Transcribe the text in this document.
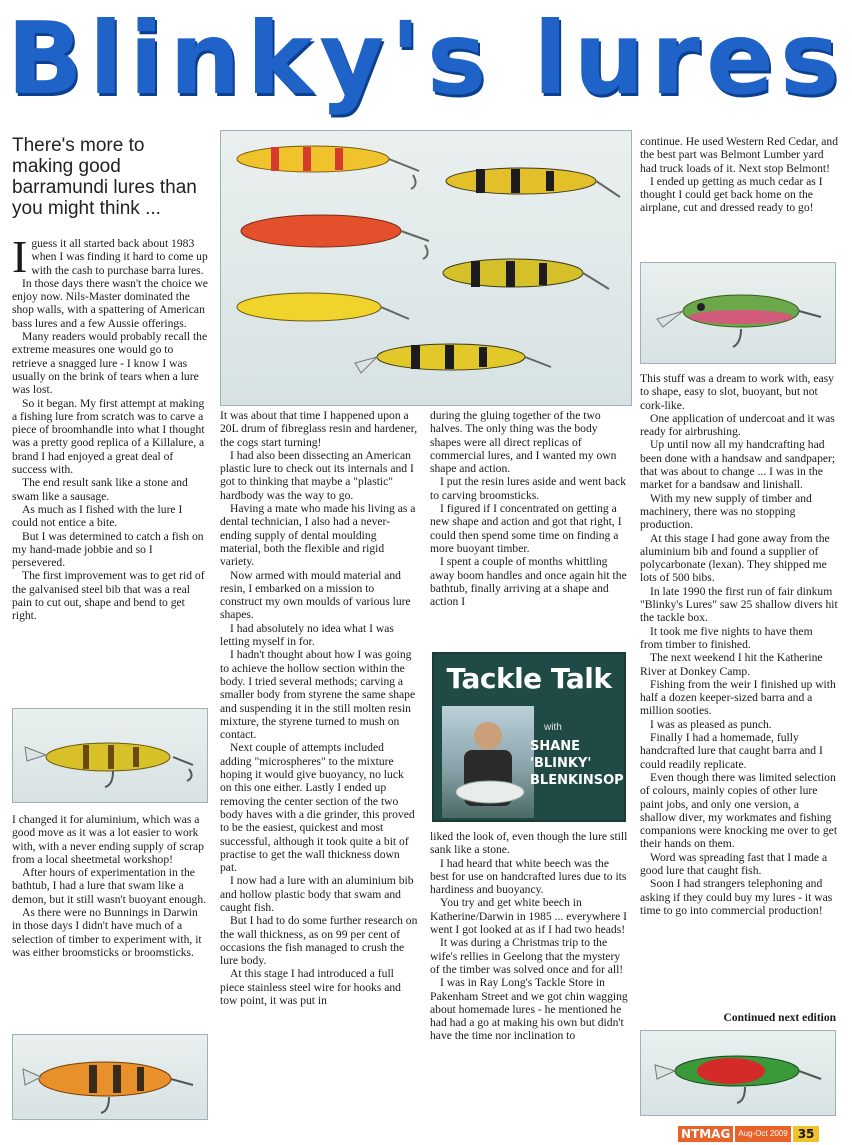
Blinky's lures
There's more to making good barramundi lures than you might think ...
I guess it all started back about 1983 when I was finding it hard to come up with the cash to purchase barra lures.

In those days there wasn't the choice we enjoy now. Nils-Master dominated the shop walls, with a spattering of American bass lures and a few Aussie offerings.

Many readers would probably recall the extreme measures one would go to retrieve a snagged lure - I know I was usually on the brink of tears when a lure was lost.

So it began. My first attempt at making a fishing lure from scratch was to carve a piece of broomhandle into what I thought was a pretty good replica of a Killalure, a brand I had enjoyed a great deal of success with.

The end result sank like a stone and swam like a sausage.

As much as I fished with the lure I could not entice a bite.

But I was determined to catch a fish on my hand-made jobbie and so I persevered.

The first improvement was to get rid of the galvanised steel bib that was a real pain to cut out, shape and bend to get right.

I changed it for aluminium, which was a good move as it was a lot easier to work with, with a never ending supply of scrap from a local sheetmetal workshop!

After hours of experimentation in the bathtub, I had a lure that swam like a demon, but it still wasn't buoyant enough.

As there were no Bunnings in Darwin in those days I didn't have much of a selection of timber to experiment with, it was either broomsticks or broomsticks.

It was about that time I happened upon a 20L drum of fibreglass resin and hardener, the cogs start turning!

I had also been dissecting an American plastic lure to check out its internals and I got to thinking that maybe a "plastic" hardbody was the way to go.

Having a mate who made his living as a dental technician, I also had a never-ending supply of dental moulding material, both the flexible and rigid variety.

Now armed with mould material and resin, I embarked on a mission to construct my own moulds of various lure shapes.

I had absolutely no idea what I was letting myself in for.

I hadn't thought about how I was going to achieve the hollow section within the body. I tried several methods; carving a smaller body from styrene the same shape and suspending it in the still molten resin mixture, the styrene turned to mush on contact.

Next couple of attempts included adding "microspheres" to the mixture hoping it would give buoyancy, no luck on this one either. Lastly I ended up removing the center section of the two body haves with a die grinder, this proved to be the easiest, quickest and most successful, although it took quite a bit of practise to get the wall thickness down pat.

I now had a lure with an aluminium bib and hollow plastic body that swam and caught fish.

But I had to do some further research on the wall thickness, as on 99 per cent of occasions the fish managed to crush the lure body.

At this stage I had introduced a full piece stainless steel wire for hooks and tow point, it was put in

during the gluing together of the two halves. The only thing was the body shapes were all direct replicas of commercial lures, and I wanted my own shape and action.

I put the resin lures aside and went back to carving broomsticks.

I figured if I concentrated on getting a new shape and action and got that right, I could then spend some time on finding a more buoyant timber.

I spent a couple of months whittling away boom handles and once again hit the bathtub, finally arriving at a shape and action I

Tackle Talk
with
SHANE
'BLINKY'
BLENKINSOP

liked the look of, even though the lure still sank like a stone.

I had heard that white beech was the best for use on handcrafted lures due to its hardiness and buoyancy.

You try and get white beech in Katherine/Darwin in 1985 ... everywhere I went I got looked at as if I had two heads!

It was during a Christmas trip to the wife's rellies in Geelong that the mystery of the timber was solved once and for all!

I was in Ray Long's Tackle Store in Pakenham Street and we got chin wagging about homemade lures - he mentioned he had had a go at making his own but didn't have the time nor inclination to

continue. He used Western Red Cedar, and the best part was Belmont Lumber yard had truck loads of it. Next stop Belmont!

I ended up getting as much cedar as I thought I could get back home on the airplane, cut and dressed ready to go!

This stuff was a dream to work with, easy to shape, easy to slot, buoyant, but not cork-like.

One application of undercoat and it was ready for airbrushing.

Up until now all my handcrafting had been done with a handsaw and sandpaper; that was about to change ... I was in the market for a bandsaw and linishall.

With my new supply of timber and machinery, there was no stopping production.

At this stage I had gone away from the aluminium bib and found a supplier of polycarbonate (lexan). They shipped me lots of 500 bibs.

In late 1990 the first run of fair dinkum "Blinky's Lures" saw 25 shallow divers hit the tackle box.

It took me five nights to have them from timber to finished.

The next weekend I hit the Katherine River at Donkey Camp.

Fishing from the weir I finished up with half a dozen keeper-sized barra and a million sooties.

I was as pleased as punch.

Finally I had a homemade, fully handcrafted lure that caught barra and I could readily replicate.

Even though there was limited selection of colours, mainly copies of other lure paint jobs, and only one version, a shallow diver, my workmates and fishing companions were knocking me over to get their hands on them.

Word was spreading fast that I made a good lure that caught fish.

Soon I had strangers telephoning and asking if they could buy my lures - it was time to go into commercial production!

Continued next edition
NTMAG Aug-Oct 2009 35
